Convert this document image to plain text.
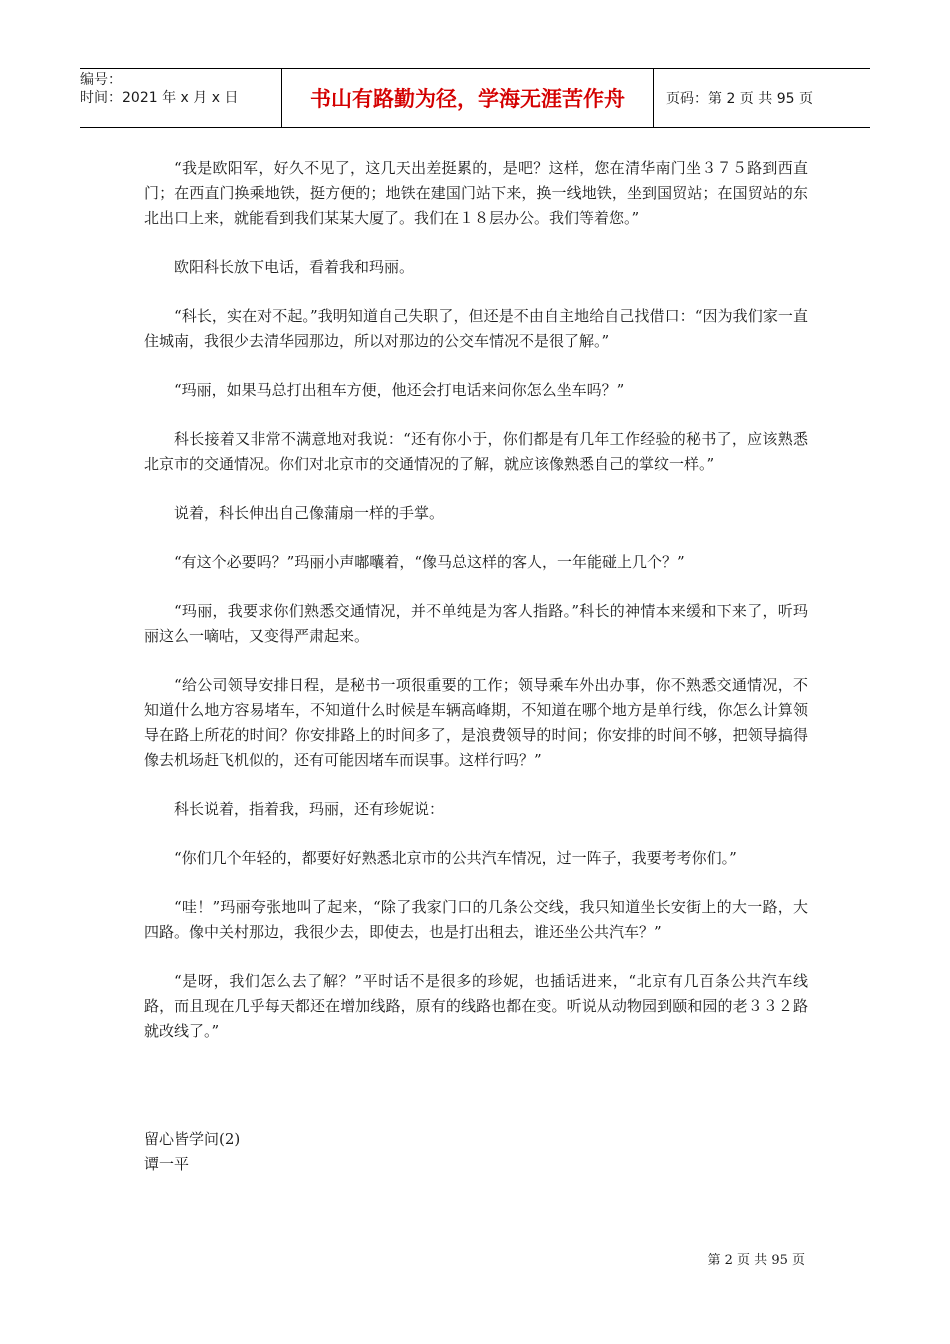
编号：
时间：2021 年 x 月 x 日	书山有路勤为径，学海无涯苦作舟	页码：第 2 页 共 95 页

“我是欧阳军，好久不见了，这几天出差挺累的，是吧？这样，您在清华南门坐３７５路到西直门；在西直门换乘地铁，挺方便的；地铁在建国门站下来，换一线地铁，坐到国贸站；在国贸站的东北出口上来，就能看到我们某某大厦了。我们在１８层办公。我们等着您。”

欧阳科长放下电话，看着我和玛丽。

“科长，实在对不起。”我明知道自己失职了，但还是不由自主地给自己找借口：“因为我们家一直住城南，我很少去清华园那边，所以对那边的公交车情况不是很了解。”

“玛丽，如果马总打出租车方便，他还会打电话来问你怎么坐车吗？”

科长接着又非常不满意地对我说：“还有你小于，你们都是有几年工作经验的秘书了，应该熟悉北京市的交通情况。你们对北京市的交通情况的了解，就应该像熟悉自己的掌纹一样。”

说着，科长伸出自己像蒲扇一样的手掌。

“有这个必要吗？”玛丽小声嘟囔着，“像马总这样的客人，一年能碰上几个？”

“玛丽，我要求你们熟悉交通情况，并不单纯是为客人指路。”科长的神情本来缓和下来了，听玛丽这么一嘀咕，又变得严肃起来。

“给公司领导安排日程，是秘书一项很重要的工作；领导乘车外出办事，你不熟悉交通情况，不知道什么地方容易堵车，不知道什么时候是车辆高峰期，不知道在哪个地方是单行线，你怎么计算领导在路上所花的时间？你安排路上的时间多了，是浪费领导的时间；你安排的时间不够，把领导搞得像去机场赶飞机似的，还有可能因堵车而误事。这样行吗？”

科长说着，指着我，玛丽，还有珍妮说：

“你们几个年轻的，都要好好熟悉北京市的公共汽车情况，过一阵子，我要考考你们。”

“哇！”玛丽夸张地叫了起来，“除了我家门口的几条公交线，我只知道坐长安街上的大一路，大四路。像中关村那边，我很少去，即使去，也是打出租去，谁还坐公共汽车？”

“是呀，我们怎么去了解？”平时话不是很多的珍妮，也插话进来，“北京有几百条公共汽车线路，而且现在几乎每天都还在增加线路，原有的线路也都在变。听说从动物园到颐和园的老３３２路就改线了。”

留心皆学问(2)
谭一平
第 2 页 共 95 页
